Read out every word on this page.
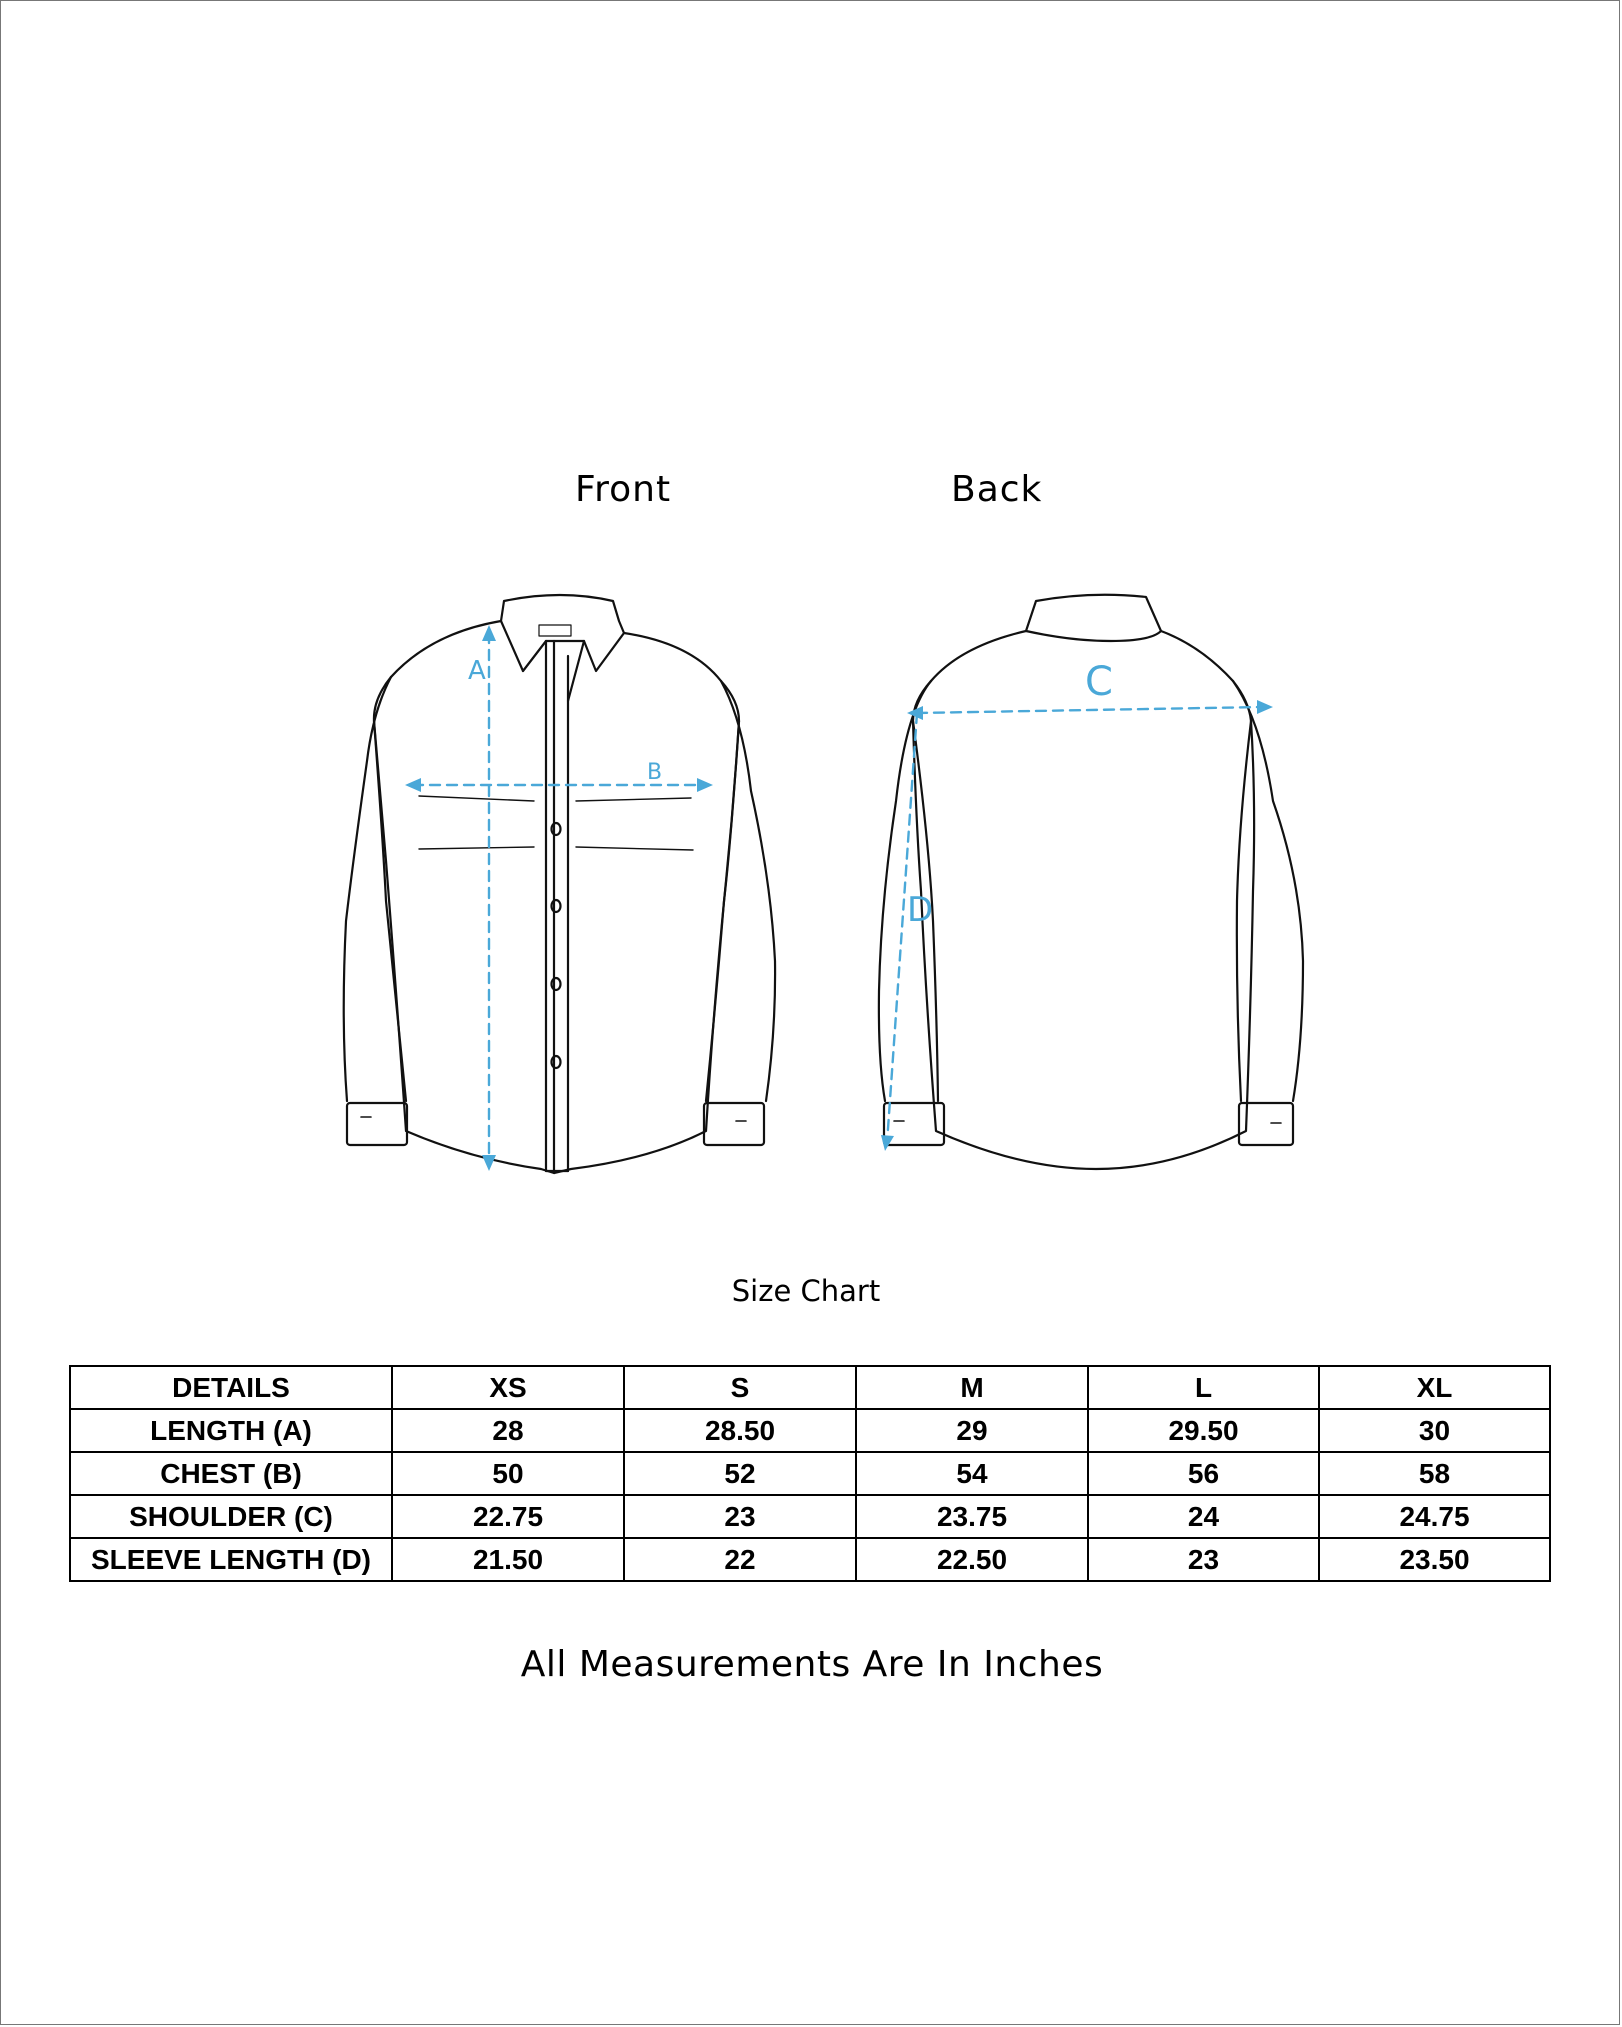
Front	Back
A
B
C
D
Size Chart
DETAILS	XS	S	M	L	XL
LENGTH (A)	28	28.50	29	29.50	30
CHEST (B)	50	52	54	56	58
SHOULDER (C)	22.75	23	23.75	24	24.75
SLEEVE LENGTH (D)	21.50	22	22.50	23	23.50
All Measurements Are In Inches
